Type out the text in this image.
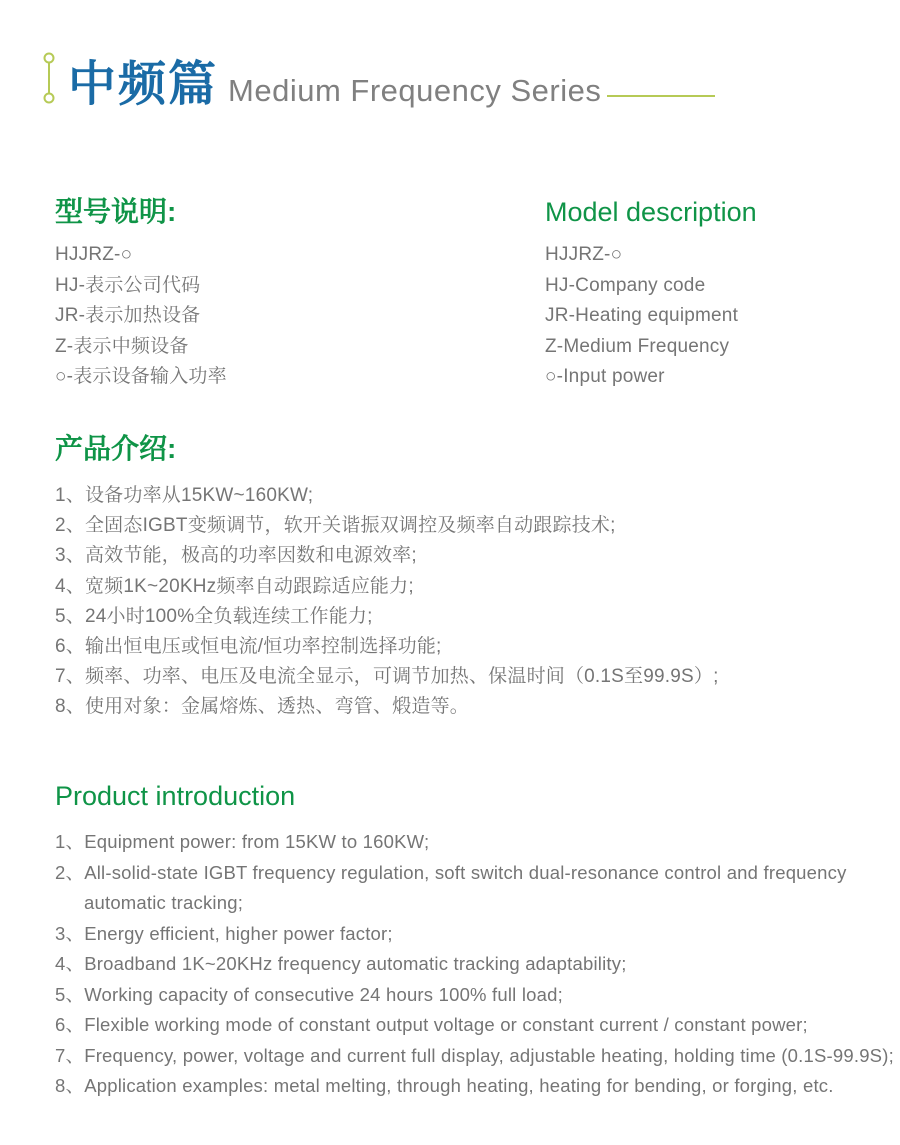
中频篇 Medium Frequency Series
型号说明:
HJJRZ-○
HJ-表示公司代码
JR-表示加热设备
Z-表示中频设备
○-表示设备输入功率
Model description
HJJRZ-○
HJ-Company code
JR-Heating equipment
Z-Medium Frequency
○-Input power
产品介绍:
1、设备功率从15KW~160KW;
2、全固态IGBT变频调节，软开关谐振双调控及频率自动跟踪技术;
3、高效节能，极高的功率因数和电源效率;
4、宽频1K~20KHz频率自动跟踪适应能力;
5、24小时100%全负载连续工作能力;
6、输出恒电压或恒电流/恒功率控制选择功能;
7、频率、功率、电压及电流全显示，可调节加热、保温时间（0.1S至99.9S）;
8、使用对象：金属熔炼、透热、弯管、煅造等。
Product introduction
1、Equipment power: from 15KW to 160KW;
2、All-solid-state IGBT frequency regulation, soft switch dual-resonance control and frequency automatic tracking;
3、Energy efficient, higher power factor;
4、Broadband 1K~20KHz frequency automatic tracking adaptability;
5、Working capacity of consecutive 24 hours 100% full load;
6、Flexible working mode of constant output voltage or constant current / constant power;
7、Frequency, power, voltage and current full display, adjustable heating, holding time (0.1S-99.9S);
8、Application examples: metal melting, through heating, heating for bending, or forging, etc.
